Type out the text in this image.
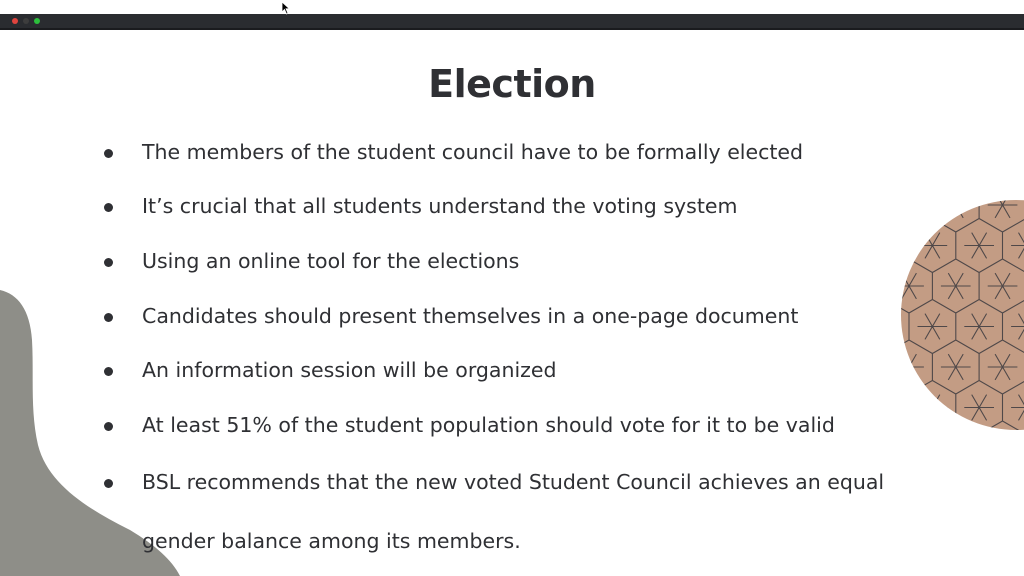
Election
The members of the student council have to be formally elected
It’s crucial that all students understand the voting system
Using an online tool for the elections
Candidates should present themselves in a one-page document
An information session will be organized
At least 51% of the student population should vote for it to be valid
BSL recommends that the new voted Student Council achieves an equal
gender balance among its members.
